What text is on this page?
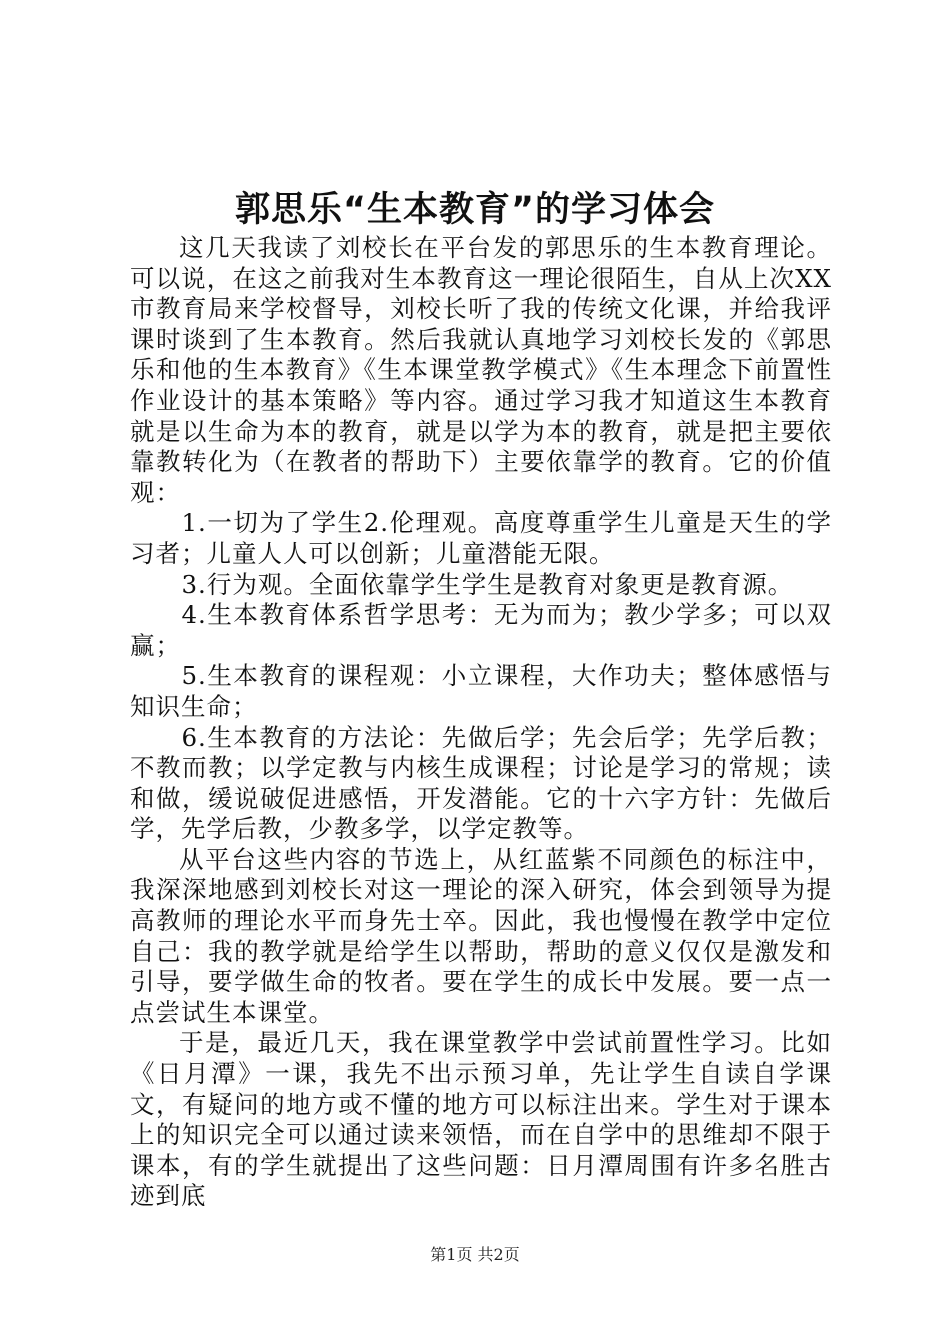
郭思乐“生本教育”的学习体会

这几天我读了刘校长在平台发的郭思乐的生本教育理论。可以说，在这之前我对生本教育这一理论很陌生，自从上次XX市教育局来学校督导，刘校长听了我的传统文化课，并给我评课时谈到了生本教育。然后我就认真地学习刘校长发的《郭思乐和他的生本教育》《生本课堂教学模式》《生本理念下前置性作业设计的基本策略》等内容。通过学习我才知道这生本教育就是以生命为本的教育，就是以学为本的教育，就是把主要依靠教转化为（在教者的帮助下）主要依靠学的教育。它的价值观：

1.一切为了学生2.伦理观。高度尊重学生儿童是天生的学习者；儿童人人可以创新；儿童潜能无限。

3.行为观。全面依靠学生学生是教育对象更是教育源。

4.生本教育体系哲学思考：无为而为；教少学多；可以双赢；

5.生本教育的课程观：小立课程，大作功夫；整体感悟与知识生命；

6.生本教育的方法论：先做后学；先会后学；先学后教；不教而教；以学定教与内核生成课程；讨论是学习的常规；读和做，缓说破促进感悟，开发潜能。它的十六字方针：先做后学，先学后教，少教多学，以学定教等。

从平台这些内容的节选上，从红蓝紫不同颜色的标注中，我深深地感到刘校长对这一理论的深入研究，体会到领导为提高教师的理论水平而身先士卒。因此，我也慢慢在教学中定位自己：我的教学就是给学生以帮助，帮助的意义仅仅是激发和引导，要学做生命的牧者。要在学生的成长中发展。要一点一点尝试生本课堂。

于是，最近几天，我在课堂教学中尝试前置性学习。比如《日月潭》一课，我先不出示预习单，先让学生自读自学课文，有疑问的地方或不懂的地方可以标注出来。学生对于课本上的知识完全可以通过读来领悟，而在自学中的思维却不限于课本，有的学生就提出了这些问题：日月潭周围有许多名胜古迹到底

第1页 共2页
